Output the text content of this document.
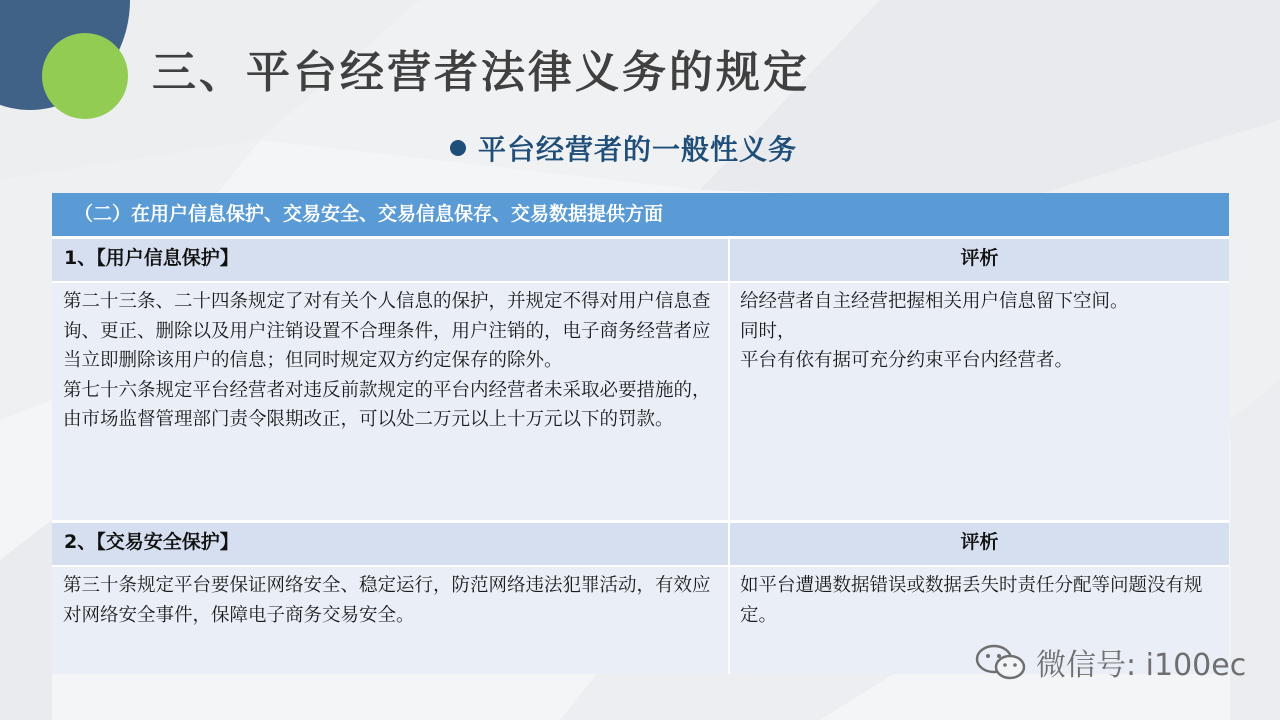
三、平台经营者法律义务的规定
平台经营者的一般性义务
（二）在用户信息保护、交易安全、交易信息保存、交易数据提供方面
1、【用户信息保护】	评析
第二十三条、二十四条规定了对有关个人信息的保护，并规定不得对用户信息查询、更正、删除以及用户注销设置不合理条件，用户注销的，电子商务经营者应当立即删除该用户的信息；但同时规定双方约定保存的除外。
第七十六条规定平台经营者对违反前款规定的平台内经营者未采取必要措施的，由市场监督管理部门责令限期改正，可以处二万元以上十万元以下的罚款。
给经营者自主经营把握相关用户信息留下空间。
同时，
平台有依有据可充分约束平台内经营者。
2、【交易安全保护】	评析
第三十条规定平台要保证网络安全、稳定运行，防范网络违法犯罪活动，有效应对网络安全事件，保障电子商务交易安全。
如平台遭遇数据错误或数据丢失时责任分配等问题没有规定。
微信号: i100ec
